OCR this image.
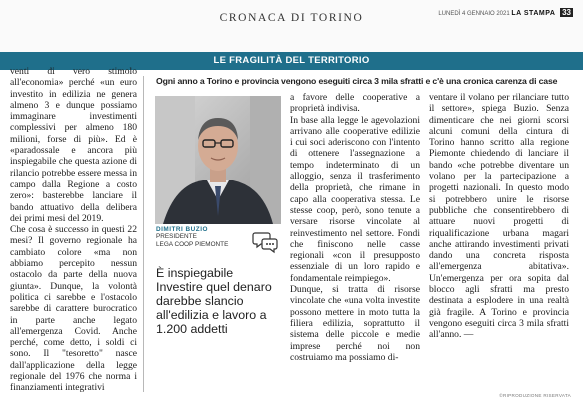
CRONACA DI TORINO	LUNEDÌ 4 GENNAIO 2021 LA STAMPA 33
LE FRAGILITÀ DEL TERRITORIO

venti di vero stimolo all'economia» perché «un euro investito in edilizia ne genera almeno 3 e dunque possiamo immaginare investimenti complessivi per almeno 180 milioni, forse di più». Ed è «paradossale e ancora più inspiegabile che questa azione di rilancio potrebbe essere messa in campo dalla Regione a costo zero»: basterebbe lanciare il bando attuativo della delibera dei primi mesi del 2019.

Che cosa è successo in questi 22 mesi? Il governo regionale ha cambiato colore «ma non abbiamo percepito nessun ostacolo da parte della nuova giunta». Dunque, la volontà politica ci sarebbe e l'ostacolo sarebbe di carattere burocratico in parte anche legato all'emergenza Covid. Anche perché, come detto, i soldi ci sono. Il "tesoretto" nasce dall'applicazione della legge regionale del 1976 che norma i finanziamenti integrativi

Ogni anno a Torino e provincia vengono eseguiti circa 3 mila sfratti e c'è una cronica carenza di case
DIMITRI BUZIO
PRESIDENTE
LEGA COOP PIEMONTE
È inspiegabile Investire quel denaro darebbe slancio all'edilizia e lavoro a 1.200 addetti

a favore delle cooperative a proprietà indivisa.

In base alla legge le agevolazioni arrivano alle cooperative edilizie i cui soci aderiscono con l'intento di ottenere l'assegnazione a tempo indeterminato di un alloggio, senza il trasferimento della proprietà, che rimane in capo alla cooperativa stessa. Le stesse coop, però, sono tenute a versare risorse vincolate al reinvestimento nel settore. Fondi che finiscono nelle casse regionali «con il presupposto essenziale di un loro rapido e fondamentale reimpiego».

Dunque, si tratta di risorse vincolate che «una volta investite possono mettere in moto tutta la filiera edilizia, soprattutto il sistema delle piccole e medie imprese perché noi non costruiamo ma possiamo di-

ventare il volano per rilanciare tutto il settore», spiega Buzio. Senza dimenticare che nei giorni scorsi alcuni comuni della cintura di Torino hanno scritto alla regione Piemonte chiedendo di lanciare il bando «che potrebbe diventare un volano per la partecipazione a progetti nazionali. In questo modo si potrebbero unire le risorse pubbliche che consentirebbero di attuare nuovi progetti di riqualificazione urbana magari anche attirando investimenti privati dando una concreta risposta all'emergenza abitativa». Un'emergenza per ora sopita dal blocco agli sfratti ma presto destinata a esplodere in una realtà già fragile. A Torino e provincia vengono eseguiti circa 3 mila sfratti all'anno. —

©RIPRODUZIONE RISERVATA
